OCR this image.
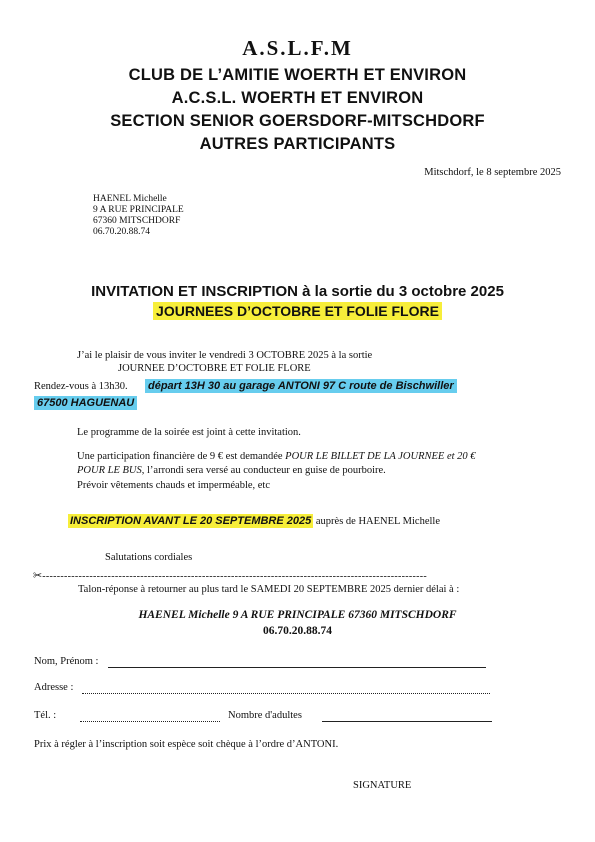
A.S.L.F.M
CLUB DE L’AMITIE WOERTH ET ENVIRON
A.C.S.L. WOERTH ET ENVIRON
SECTION SENIOR GOERSDORF-MITSCHDORF
AUTRES PARTICIPANTS
Mitschdorf, le 8 septembre 2025
HAENEL Michelle
9 A RUE PRINCIPALE
67360 MITSCHDORF
06.70.20.88.74
INVITATION ET INSCRIPTION à la sortie du 3 octobre 2025
JOURNEES D’OCTOBRE ET FOLIE FLORE
J’ai le plaisir de vous inviter le vendredi 3 OCTOBRE 2025 à la sortie
JOURNEE D’OCTOBRE ET FOLIE FLORE
Rendez-vous à 13h30. départ 13H 30 au garage ANTONI 97 C route de Bischwiller
67500 HAGUENAU
Le programme de la soirée est joint à cette invitation.
Une participation financière de 9 € est demandée POUR LE BILLET DE LA JOURNEE et 20 €
POUR LE BUS, l’arrondi sera versé au conducteur en guise de pourboire.
Prévoir vêtements chauds et imperméable, etc
INSCRIPTION AVANT LE 20 SEPTEMBRE 2025 auprès de HAENEL Michelle
Salutations cordiales
✂----------------------------------------------------------------------------------------------------------
Talon-réponse à retourner au plus tard le SAMEDI 20 SEPTEMBRE 2025 dernier délai à :
HAENEL Michelle 9 A RUE PRINCIPALE 67360 MITSCHDORF
06.70.20.88.74
Nom, Prénom :
Adresse :
Tél. :	Nombre d'adultes
Prix à régler à l’inscription soit espèce soit chèque à l’ordre d’ANTONI.
SIGNATURE
